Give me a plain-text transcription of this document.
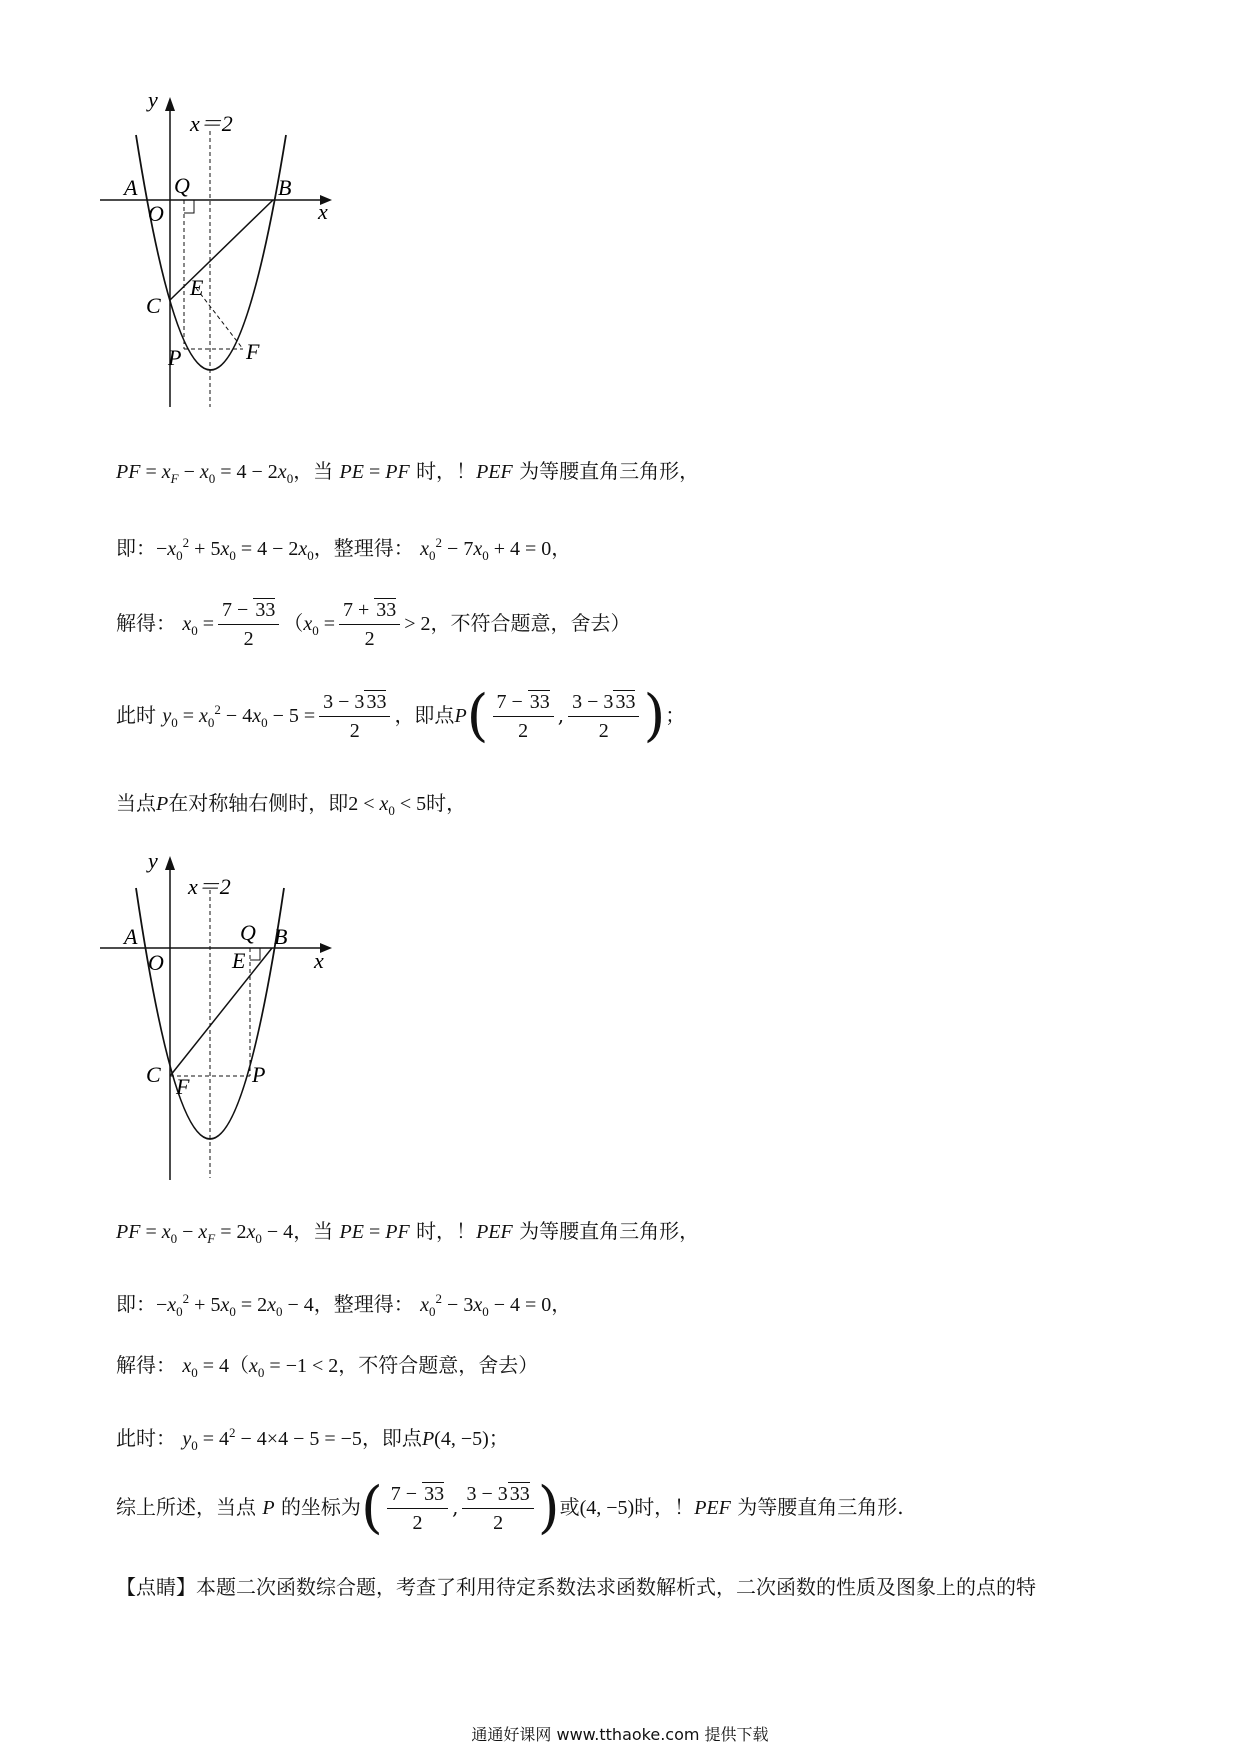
y
x＝2
A Q	B
x
O
C
E
P	F
PF = $x_F - x_0 = 4 - 2x_0$，当 PE = PF 时，！PEF 为等腰直角三角形，
即：$-x_0^2 + 5x_0 = 4 - 2x_0$，整理得： $x_0^2 - 7x_0 + 4 = 0$，
解得： $x_0 = \frac{7 - 33}{2} (x_0 = \frac{7 + 33}{2} > 2$，不符合题意，舍去）
此时 $y_0 = x_0^2 - 4x_0 - 5 = \frac{3 - 3 33}{2}$ ，即点$P( \frac{7 - 33}{2}$ , $\frac{3 - 3 33}{2}$ )；
当点P在对称轴右侧时，即$2 < x_0 < 5$时，
y
x＝2
A	Q B
x
O	E
C F	P
PF = $x_0 - x_F = 2x_0 - 4$，当 PE = PF 时，！PEF 为等腰直角三角形，
即：$-x_0^2 + 5x_0 = 2x_0 - 4$，整理得： $x_0^2 - 3x_0 - 4 = 0$，
解得： $x_0 = 4(x_0 = -1 < 2$，不符合题意，舍去）
此时： $y_0 = 4^2 - 4\times 4 - 5 = -5$，即点P(4, −5)；
综上所述，当点 P 的坐标为( $\frac{7 - 33}{2}$ , $\frac{3 - 3 33}{2}$ )或(4, −5)时，！PEF 为等腰直角三角形.
【点睛】本题二次函数综合题，考查了利用待定系数法求函数解析式，二次函数的性质及图象上的点的特
通通好课网 www.tthaoke.com 提供下载
